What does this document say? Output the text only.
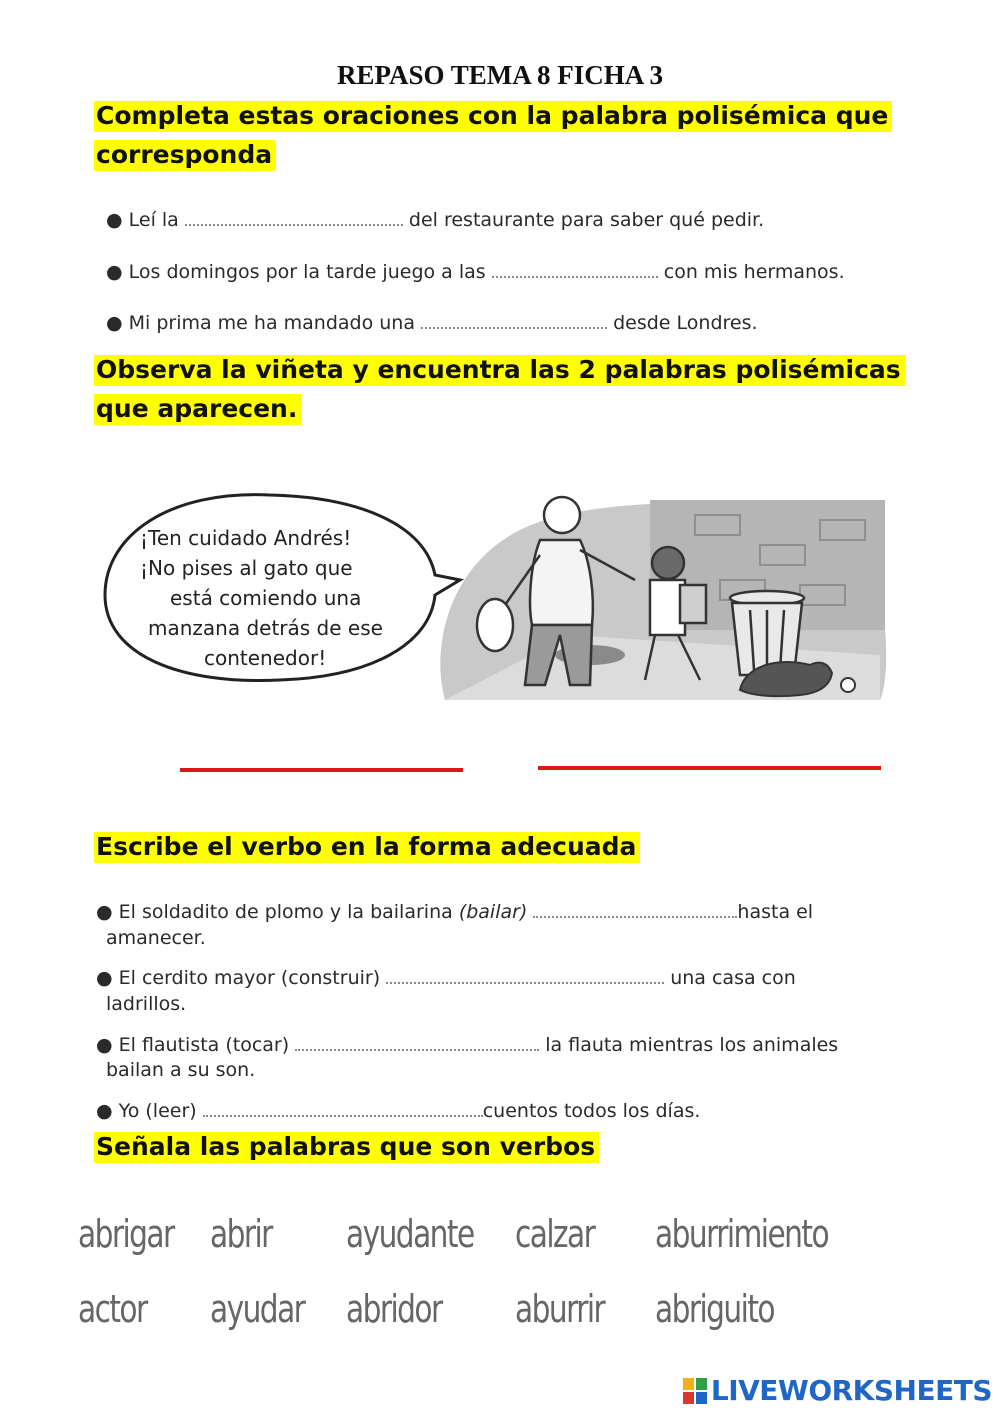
REPASO TEMA 8 FICHA 3
Completa estas oraciones con la palabra polisémica que
corresponda
● Leí la	del restaurante para saber qué pedir.
● Los domingos por la tarde juego a las	con mis hermanos.
● Mi prima me ha mandado una	desde Londres.
Observa la viñeta y encuentra las 2 palabras polisémicas
que aparecen.
¡Ten cuidado Andrés!
¡No pises al gato que
está comiendo una
manzana detrás de ese
contenedor!
Escribe el verbo en la forma adecuada
● El soldadito de plomo y la bailarina (bailar)	hasta el
amanecer.
● El cerdito mayor (construir)	una casa con
ladrillos.
● El flautista (tocar)	la flauta mientras los animales
bailan a su son.
● Yo (leer)	cuentos todos los días.
Señala las palabras que son verbos
abrigar abrir ayudante calzar aburrimiento
actor ayudar abridor aburrir abriguito
LIVEWORKSHEETS
